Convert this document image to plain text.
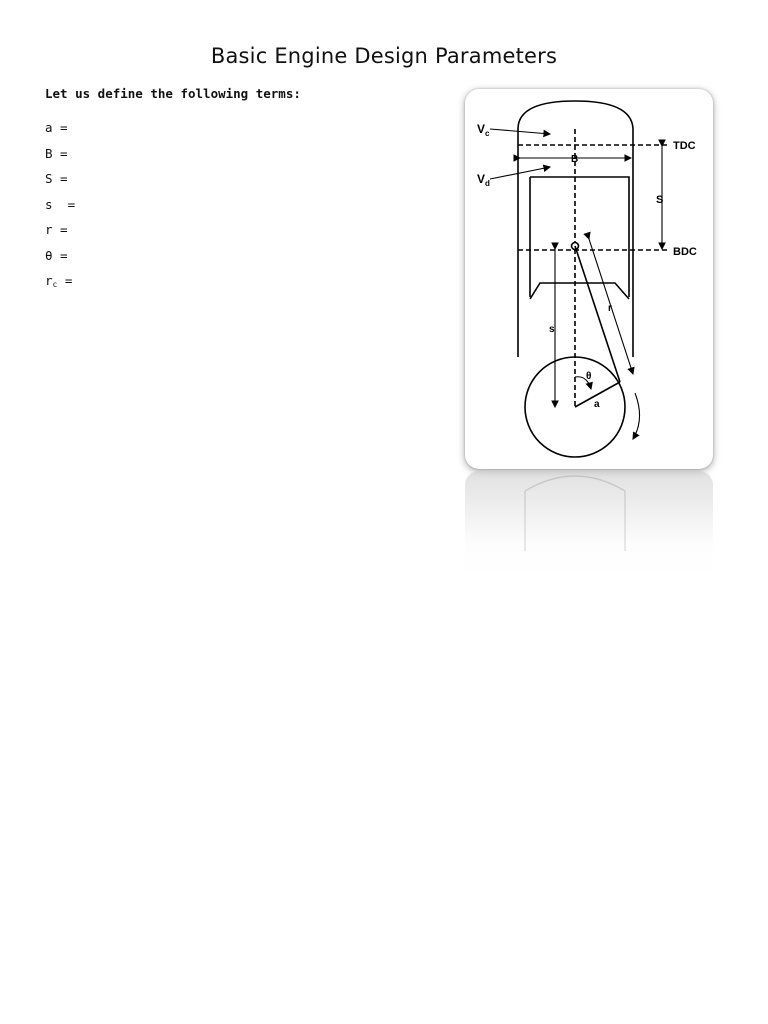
Basic Engine Design Parameters
Let us define the following terms:
a =
B =
S =
s  =
r =
θ =
$r_c$ =
$V_c$
$V_d$
TDC
BDC
B
S
s
r
θ
a
